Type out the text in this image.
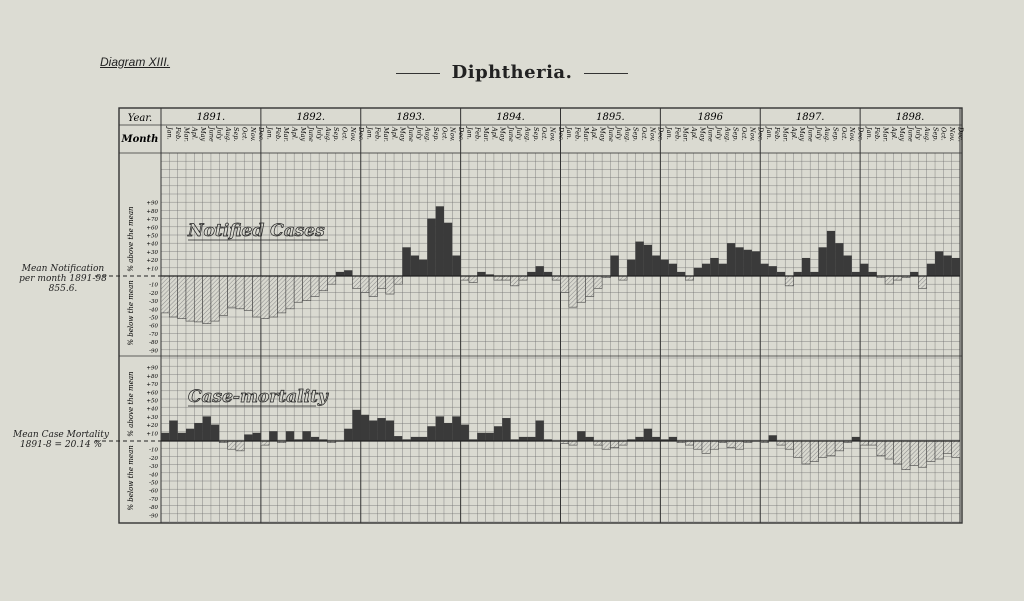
Diagram XIII.	Diphtheria.
Mean Notification
per month 1891-98
855.6.
Mean Case Mortality
1891-8 = 20.14 %
Year.
Month
1891.	1892.	1893.	1894.	1895.	1896	1897.	1898.
Jan. Feb. Mar. Apl. May June July Aug. Sep. Oct. Nov. Dec. Jan. Feb. Mar. Apl. May June July Aug. Sep. Oct. Nov. Dec. Jan. Feb. Mar. Apl. May June July Aug. Sep. Oct. Nov. Dec. Jan. Feb. Mar. Apl. May June July Aug. Sep. Oct. Nov. Dec. Jan. Feb. Mar. Apl. May June July Aug. Sep. Oct. Nov. Dec. Jan. Feb. Mar. Apl. May June July Aug. Sep. Oct. Nov. Dec. Jan. Feb. Mar. Apl. May June July Aug. Sep. Oct. Nov. Dec. Jan. Feb. Mar. Apl. May June July Aug. Sep. Oct. Nov. Dec.
+90
+80
+70
+60
+50
+40
+30
+20
+10
-10
-20
-30
-40
-50
-60
-70
-80
-90
% above the mean
% below the mean
Notified Cases
+90
+80
+70
+60
+50
+40
+30
+20
+10
-10
-20
-30
-40
-50
-60
-70
-80
-90
% above the mean
% below the mean
Case-mortality
